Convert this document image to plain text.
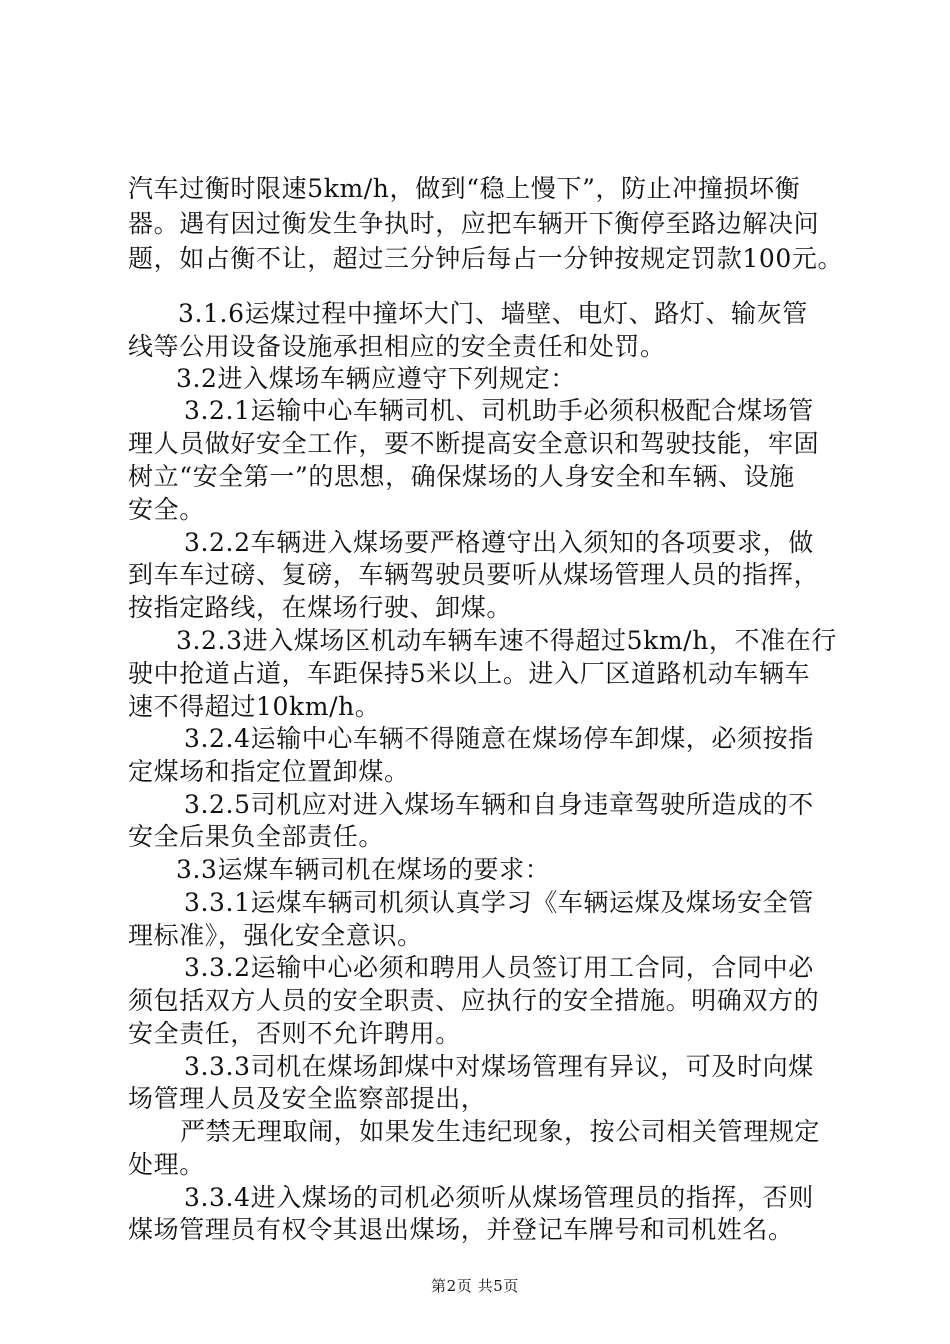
汽车过衡时限速5km/h，做到“稳上慢下”，防止冲撞损坏衡
器。遇有因过衡发生争执时，应把车辆开下衡停至路边解决问
题，如占衡不让，超过三分钟后每占一分钟按规定罚款100元。
3.1.6运煤过程中撞坏大门、墙壁、电灯、路灯、输灰管
线等公用设备设施承担相应的安全责任和处罚。
3.2进入煤场车辆应遵守下列规定：
3.2.1运输中心车辆司机、司机助手必须积极配合煤场管
理人员做好安全工作，要不断提高安全意识和驾驶技能，牢固
树立“安全第一”的思想，确保煤场的人身安全和车辆、设施
安全。
3.2.2车辆进入煤场要严格遵守出入须知的各项要求，做
到车车过磅、复磅，车辆驾驶员要听从煤场管理人员的指挥，
按指定路线，在煤场行驶、卸煤。
3.2.3进入煤场区机动车辆车速不得超过5km/h，不准在行
驶中抢道占道，车距保持5米以上。进入厂区道路机动车辆车
速不得超过10km/h。
3.2.4运输中心车辆不得随意在煤场停车卸煤，必须按指
定煤场和指定位置卸煤。
3.2.5司机应对进入煤场车辆和自身违章驾驶所造成的不
安全后果负全部责任。
3.3运煤车辆司机在煤场的要求：
3.3.1运煤车辆司机须认真学习《车辆运煤及煤场安全管
理标准》，强化安全意识。
3.3.2运输中心必须和聘用人员签订用工合同，合同中必
须包括双方人员的安全职责、应执行的安全措施。明确双方的
安全责任，否则不允许聘用。
3.3.3司机在煤场卸煤中对煤场管理有异议，可及时向煤
场管理人员及安全监察部提出，
严禁无理取闹，如果发生违纪现象，按公司相关管理规定
处理。
3.3.4进入煤场的司机必须听从煤场管理员的指挥，否则
煤场管理员有权令其退出煤场，并登记车牌号和司机姓名。
第2页 共5页
